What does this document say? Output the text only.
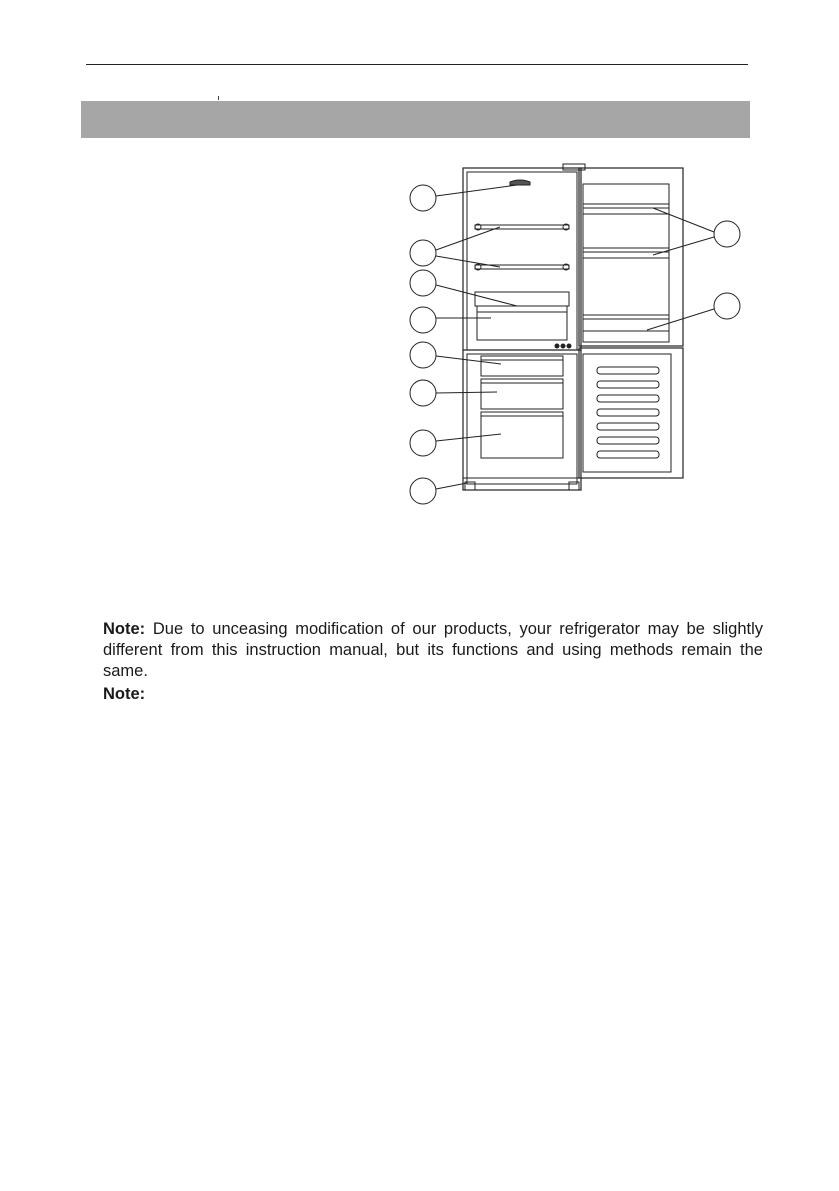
Note: Due to unceasing modification of our products, your refrigerator may be slightly different from this instruction manual, but its functions and using methods remain the same.

Note:
